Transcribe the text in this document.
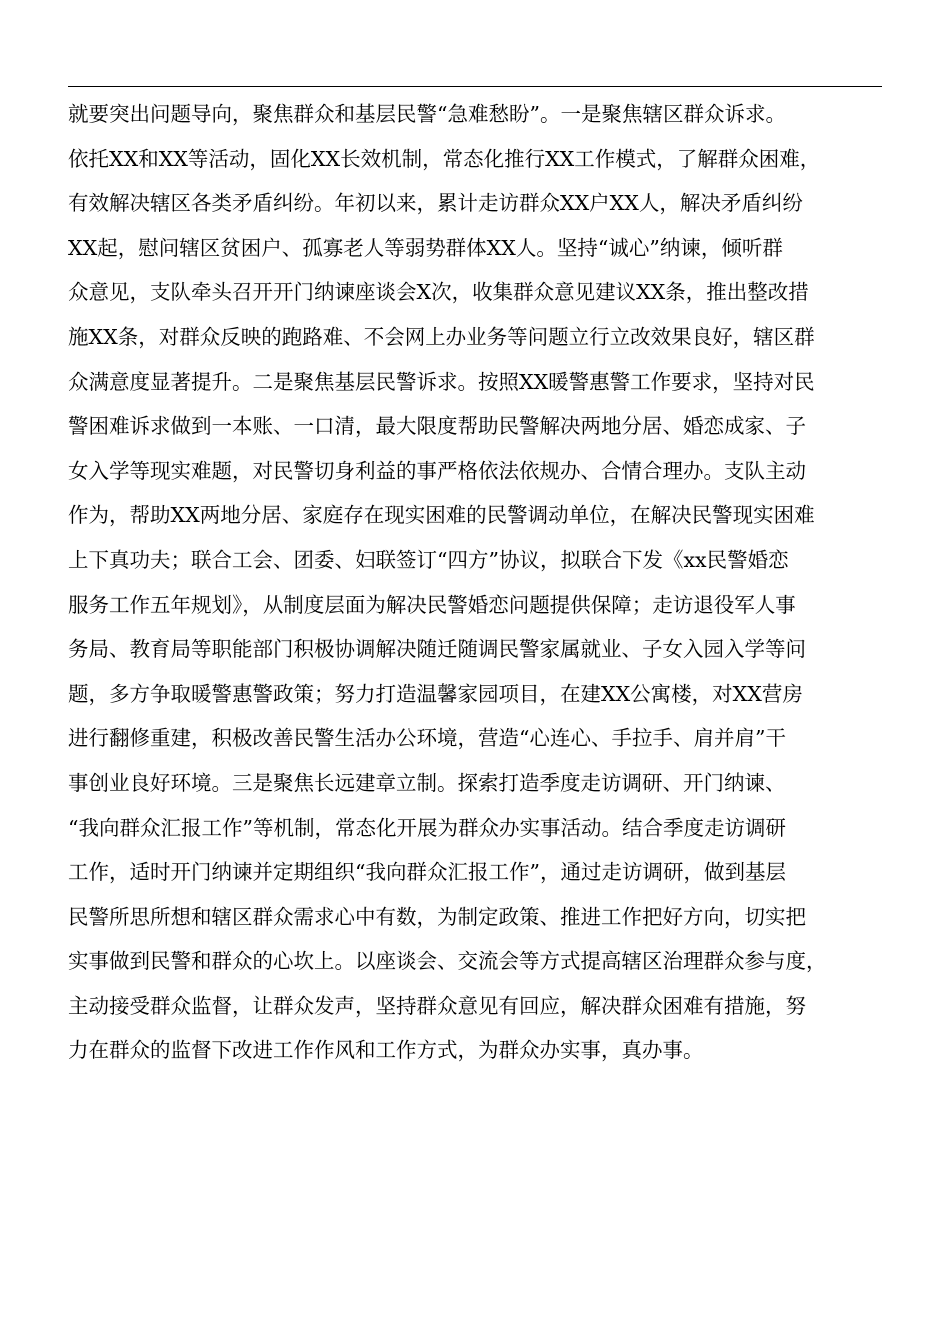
就要突出问题导向，聚焦群众和基层民警“急难愁盼”。一是聚焦辖区群众诉求。
依托XX和XX等活动，固化XX长效机制，常态化推行XX工作模式，了解群众困难，
有效解决辖区各类矛盾纠纷。年初以来，累计走访群众XX户XX人，解决矛盾纠纷
XX起，慰问辖区贫困户、孤寡老人等弱势群体XX人。坚持“诚心”纳谏，倾听群
众意见，支队牵头召开开门纳谏座谈会X次，收集群众意见建议XX条，推出整改措
施XX条，对群众反映的跑路难、不会网上办业务等问题立行立改效果良好，辖区群
众满意度显著提升。二是聚焦基层民警诉求。按照XX暖警惠警工作要求，坚持对民
警困难诉求做到一本账、一口清，最大限度帮助民警解决两地分居、婚恋成家、子
女入学等现实难题，对民警切身利益的事严格依法依规办、合情合理办。支队主动
作为，帮助XX两地分居、家庭存在现实困难的民警调动单位，在解决民警现实困难
上下真功夫；联合工会、团委、妇联签订“四方”协议，拟联合下发《xx民警婚恋
服务工作五年规划》，从制度层面为解决民警婚恋问题提供保障；走访退役军人事
务局、教育局等职能部门积极协调解决随迁随调民警家属就业、子女入园入学等问
题，多方争取暖警惠警政策；努力打造温馨家园项目，在建XX公寓楼，对XX营房
进行翻修重建，积极改善民警生活办公环境，营造“心连心、手拉手、肩并肩”干
事创业良好环境。三是聚焦长远建章立制。探索打造季度走访调研、开门纳谏、
“我向群众汇报工作”等机制，常态化开展为群众办实事活动。结合季度走访调研
工作，适时开门纳谏并定期组织“我向群众汇报工作”，通过走访调研，做到基层
民警所思所想和辖区群众需求心中有数，为制定政策、推进工作把好方向，切实把
实事做到民警和群众的心坎上。以座谈会、交流会等方式提高辖区治理群众参与度，
主动接受群众监督，让群众发声，坚持群众意见有回应，解决群众困难有措施，努
力在群众的监督下改进工作作风和工作方式，为群众办实事，真办事。
